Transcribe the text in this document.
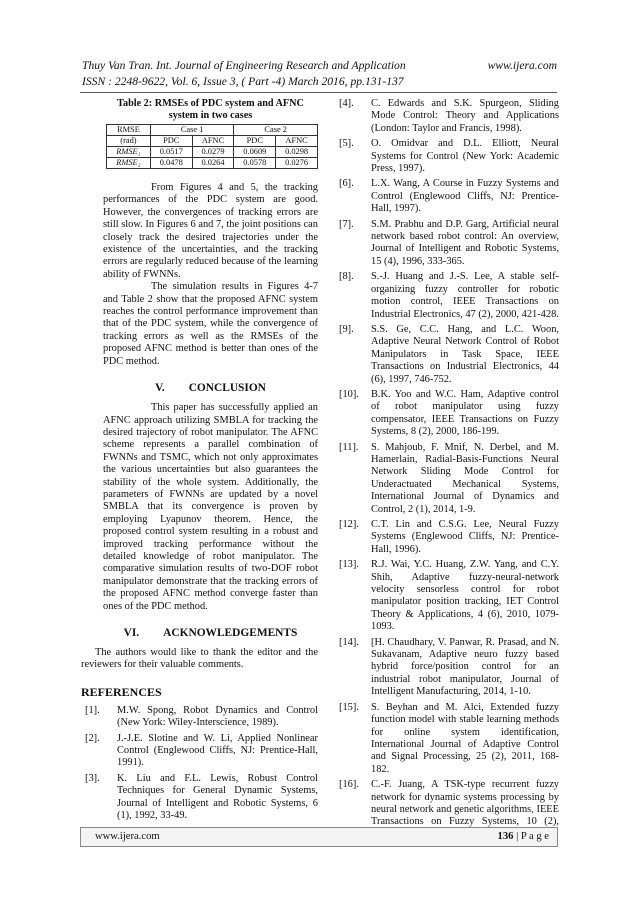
Thuy Van Tran. Int. Journal of Engineering Research and Application	www.ijera.com
ISSN : 2248-9622, Vol. 6, Issue 3, ( Part -4) March 2016, pp.131-137
Table 2: RMSEs of PDC system and AFNC system in two cases
RMSE	Case 1		Case 2	
(rad)	PDC	AFNC	PDC	AFNC
RMSE₁	0.0517	0.0279	0.0609	0.0298
RMSE₂	0.0478	0.0264	0.0578	0.0276

From Figures 4 and 5, the tracking performances of the PDC system are good. However, the convergences of tracking errors are still slow. In Figures 6 and 7, the joint positions can closely track the desired trajectories under the existence of the uncertainties, and the tracking errors are regularly reduced because of the learning ability of FWNNs.

The simulation results in Figures 4-7 and Table 2 show that the proposed AFNC system reaches the control performance improvement than that of the PDC system, while the convergence of tracking errors as well as the RMSEs of the proposed AFNC method is better than ones of the PDC method.

V. CONCLUSION

This paper has successfully applied an AFNC approach utilizing SMBLA for tracking the desired trajectory of robot manipulator. The AFNC scheme represents a parallel combination of FWNNs and TSMC, which not only approximates the various uncertainties but also guarantees the stability of the whole system. Additionally, the parameters of FWNNs are updated by a novel SMBLA that its convergence is proven by employing Lyapunov theorem. Hence, the proposed control system resulting in a robust and improved tracking performance without the detailed knowledge of robot manipulator. The comparative simulation results of two-DOF robot manipulator demonstrate that the tracking errors of the proposed AFNC method converge faster than ones of the PDC method.

VI. ACKNOWLEDGEMENTS

The authors would like to thank the editor and the reviewers for their valuable comments.

REFERENCES
[1].	M.W. Spong, Robot Dynamics and Control (New York: Wiley-Interscience, 1989).
[2].	J.-J.E. Slotine and W. Li, Applied Nonlinear Control (Englewood Cliffs, NJ: Prentice-Hall, 1991).
[3].	K. Liu and F.L. Lewis, Robust Control Techniques for General Dynamic Systems, Journal of Intelligent and Robotic Systems, 6 (1), 1992, 33-49.
[4].	C. Edwards and S.K. Spurgeon, Sliding Mode Control: Theory and Applications (London: Taylor and Francis, 1998).
[5].	O. Omidvar and D.L. Elliott, Neural Systems for Control (New York: Academic Press, 1997).
[6].	L.X. Wang, A Course in Fuzzy Systems and Control (Englewood Cliffs, NJ: Prentice-Hall, 1997).
[7].	S.M. Prabhu and D.P. Garg, Artificial neural network based robot control: An overview, Journal of Intelligent and Robotic Systems, 15 (4), 1996, 333-365.
[8].	S.-J. Huang and J.-S. Lee, A stable self-organizing fuzzy controller for robotic motion control, IEEE Transactions on Industrial Electronics, 47 (2), 2000, 421-428.
[9].	S.S. Ge, C.C. Hang, and L.C. Woon, Adaptive Neural Network Control of Robot Manipulators in Task Space, IEEE Transactions on Industrial Electronics, 44 (6), 1997, 746-752.
[10].	B.K. Yoo and W.C. Ham, Adaptive control of robot manipulator using fuzzy compensator, IEEE Transactions on Fuzzy Systems, 8 (2), 2000, 186-199.
[11].	S. Mahjoub, F. Mnif, N. Derbel, and M. Hamerlain, Radial-Basis-Functions Neural Network Sliding Mode Control for Underactuated Mechanical Systems, International Journal of Dynamics and Control, 2 (1), 2014, 1-9.
[12].	C.T. Lin and C.S.G. Lee, Neural Fuzzy Systems (Englewood Cliffs, NJ: Prentice-Hall, 1996).
[13].	R.J. Wai, Y.C. Huang, Z.W. Yang, and C.Y. Shih, Adaptive fuzzy-neural-network velocity sensorless control for robot manipulator position tracking, IET Control Theory & Applications, 4 (6), 2010, 1079-1093.
[14].	[H. Chaudhary, V. Panwar, R. Prasad, and N. Sukavanam, Adaptive neuro fuzzy based hybrid force/position control for an industrial robot manipulator, Journal of Intelligent Manufacturing, 2014, 1-10.
[15].	S. Beyhan and M. Alci, Extended fuzzy function model with stable learning methods for online system identification, International Journal of Adaptive Control and Signal Processing, 25 (2), 2011, 168-182.
[16].	C.-F. Juang, A TSK-type recurrent fuzzy network for dynamic systems processing by neural network and genetic algorithms, IEEE Transactions on Fuzzy Systems, 10 (2),
www.ijera.com	136 | P a g e
